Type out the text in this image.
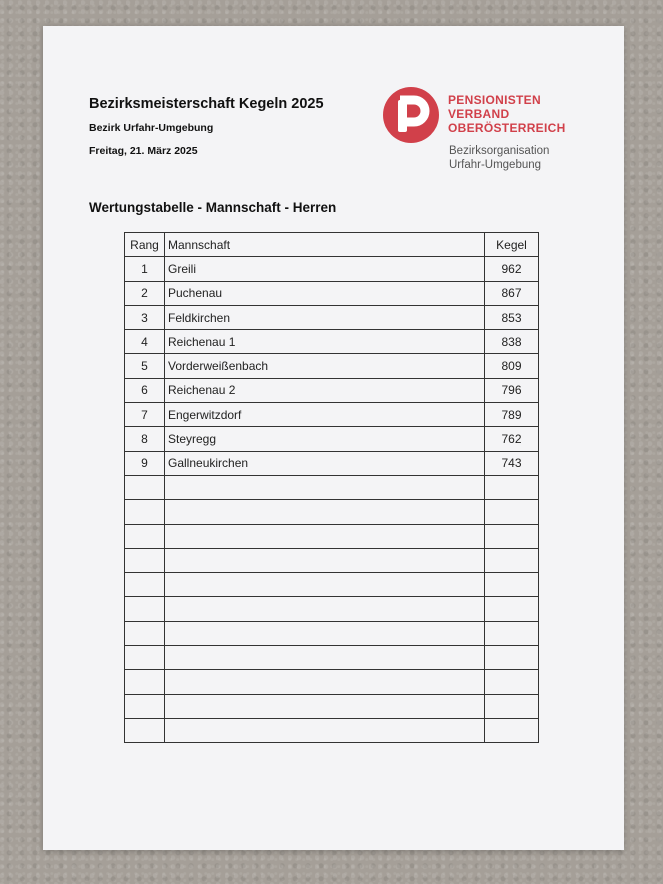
Bezirksmeisterschaft Kegeln 2025
Bezirk Urfahr-Umgebung
Freitag, 21. März 2025
PENSIONISTEN
VERBAND
OBERÖSTERREICH
Bezirksorganisation
Urfahr-Umgebung
Wertungstabelle - Mannschaft - Herren
Rang	Mannschaft	Kegel
1	Greili	962
2	Puchenau	867
3	Feldkirchen	853
4	Reichenau 1	838
5	Vorderweißenbach	809
6	Reichenau 2	796
7	Engerwitzdorf	789
8	Steyregg	762
9	Gallneukirchen	743
